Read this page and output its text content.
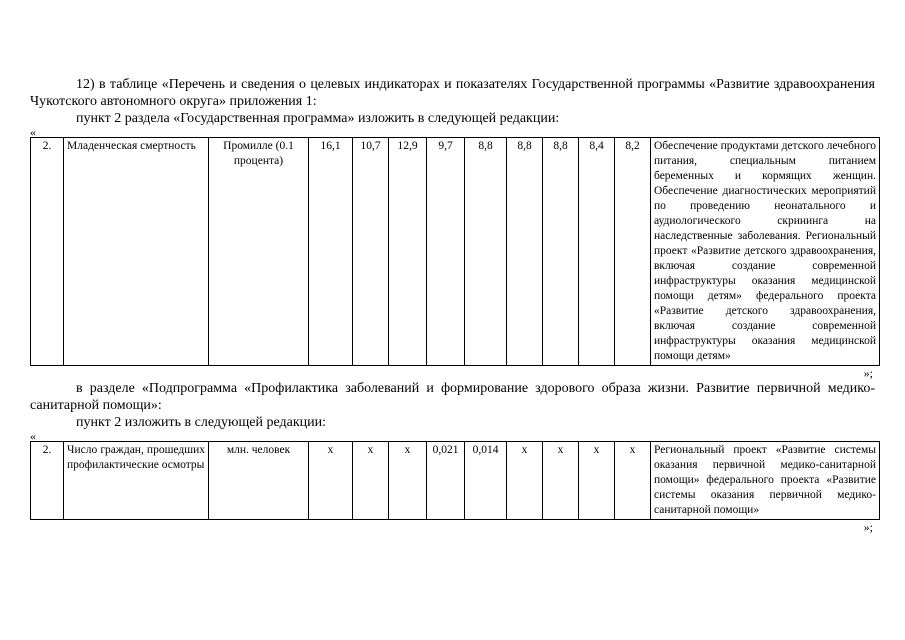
12) в таблице «Перечень и сведения о целевых индикаторах и показателях Государственной программы «Развитие здравоохранения Чукотского автономного округа» приложения 1:

пункт 2 раздела «Государственная программа» изложить в следующей редакции:

«

2.	Младенческая смертность	Промилле (0.1 процента)	16,1	10,7	12,9	9,7	8,8	8,8	8,8	8,4	8,2	Обеспечение продуктами детского лечебного питания, специальным питанием беременных и кормящих женщин. Обеспечение диагностических мероприятий по проведению неонатального и аудиологического скрининга на наследственные заболевания. Региональный проект «Развитие детского здравоохранения, включая создание современной инфраструктуры оказания медицинской помощи детям» федерального проекта «Развитие детского здравоохранения, включая создание современной инфраструктуры оказания медицинской помощи детям»

»;

в разделе «Подпрограмма «Профилактика заболеваний и формирование здорового образа жизни. Развитие первичной медико-санитарной помощи»:

пункт 2 изложить в следующей редакции:

«

2.	Число граждан, прошедших профилактические осмотры	млн. человек	х	х	х	0,021	0,014	х	х	х	х	Региональный проект «Развитие системы оказания первичной медико-санитарной помощи» федерального проекта «Развитие системы оказания первичной медико-санитарной помощи»

»;
